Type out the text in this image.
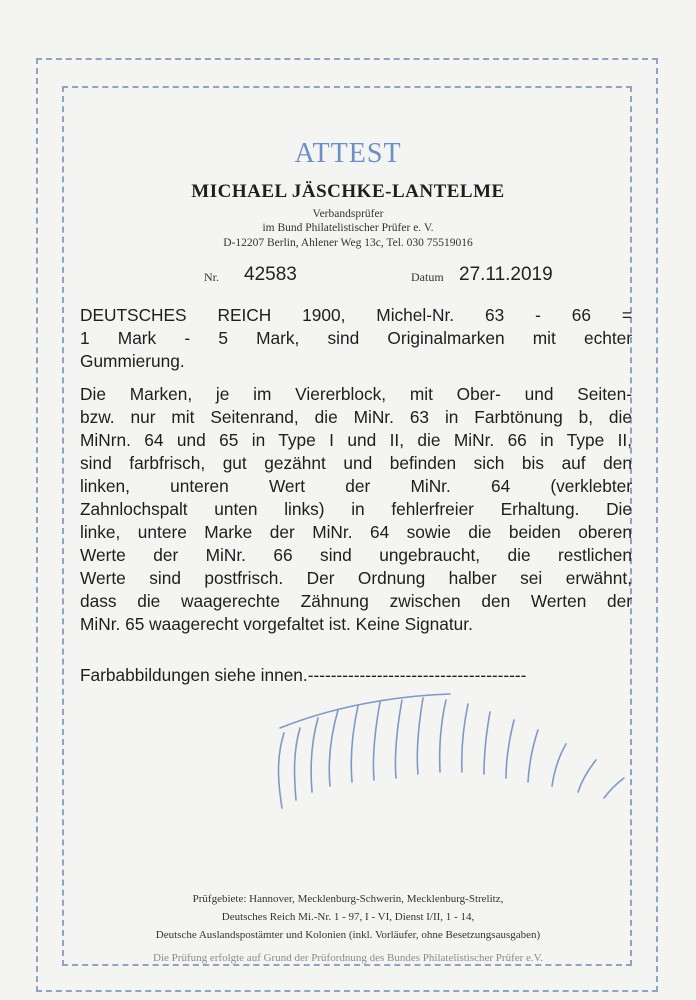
ATTEST
MICHAEL JÄSCHKE-LANTELME
Verbandsprüfer
im Bund Philatelistischer Prüfer e. V.
D-12207 Berlin, Ahlener Weg 13c, Tel. 030 75519016
Nr. 42583	Datum 27.11.2019
DEUTSCHES REICH 1900, Michel-Nr. 63 - 66 =
1 Mark - 5 Mark, sind Originalmarken mit echter
Gummierung.
Die Marken, je im Viererblock, mit Ober- und Seiten-
bzw. nur mit Seitenrand, die MiNr. 63 in Farbtönung b, die
MiNrn. 64 und 65 in Type I und II, die MiNr. 66 in Type II,
sind farbfrisch, gut gezähnt und befinden sich bis auf den
linken, unteren Wert der MiNr. 64 (verklebter
Zahnlochspalt unten links) in fehlerfreier Erhaltung. Die
linke, untere Marke der MiNr. 64 sowie die beiden oberen
Werte der MiNr. 66 sind ungebraucht, die restlichen
Werte sind postfrisch. Der Ordnung halber sei erwähnt,
dass die waagerechte Zähnung zwischen den Werten der
MiNr. 65 waagerecht vorgefaltet ist. Keine Signatur.
Farbabbildungen siehe innen.--------------------------------------
Prüfgebiete: Hannover, Mecklenburg-Schwerin, Mecklenburg-Strelitz,
Deutsches Reich Mi.-Nr. 1 - 97, I - VI, Dienst I/II, 1 - 14,
Deutsche Auslandspostämter und Kolonien (inkl. Vorläufer, ohne Besetzungsausgaben)
Die Prüfung erfolgte auf Grund der Prüfordnung des Bundes Philatelistischer Prüfer e.V.
